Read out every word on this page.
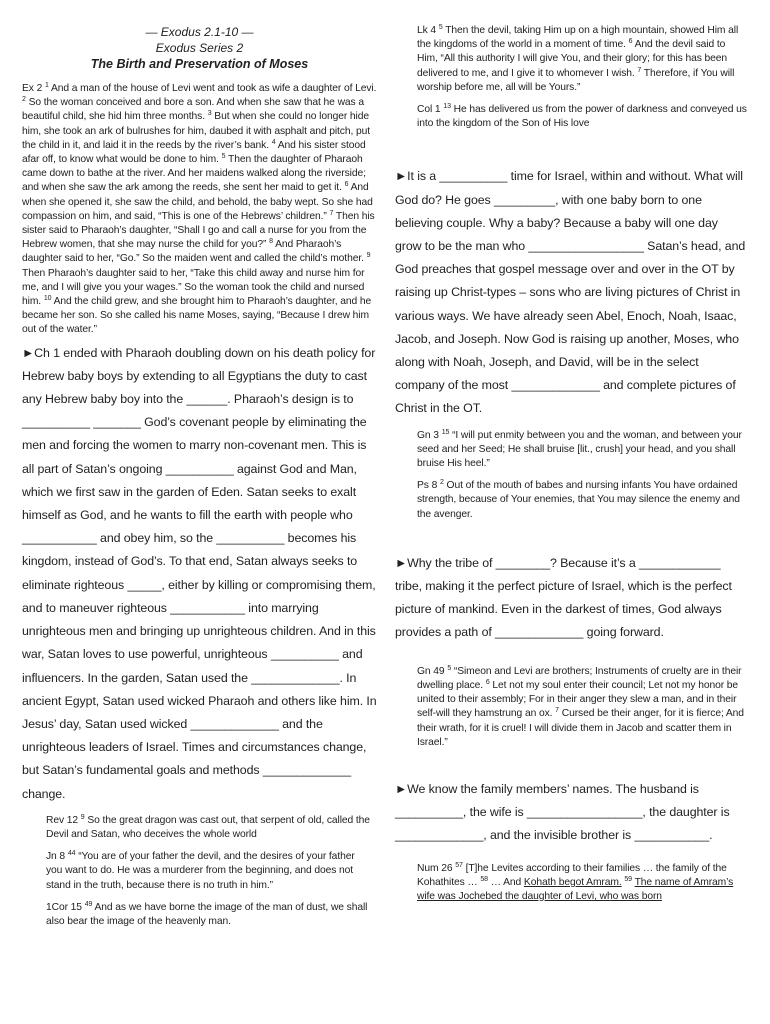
— Exodus 2.1-10 —
Exodus Series 2
The Birth and Preservation of Moses
Ex 2 $^1$ And a man of the house of Levi went and took as wife a daughter of Levi. $^2$ So the woman conceived and bore a son. And when she saw that he was a beautiful child, she hid him three months. $^3$ But when she could no longer hide him, she took an ark of bulrushes for him, daubed it with asphalt and pitch, put the child in it, and laid it in the reeds by the river’s bank. $^4$ And his sister stood afar off, to know what would be done to him. $^5$ Then the daughter of Pharaoh came down to bathe at the river. And her maidens walked along the riverside; and when she saw the ark among the reeds, she sent her maid to get it. $^6$ And when she opened it, she saw the child, and behold, the baby wept. So she had compassion on him, and said, “This is one of the Hebrews’ children.” $^7$ Then his sister said to Pharaoh’s daughter, “Shall I go and call a nurse for you from the Hebrew women, that she may nurse the child for you?” $^8$ And Pharaoh’s daughter said to her, “Go.” So the maiden went and called the child’s mother. $^9$ Then Pharaoh’s daughter said to her, “Take this child away and nurse him for me, and I will give you your wages.” So the woman took the child and nursed him. $^{10}$ And the child grew, and she brought him to Pharaoh’s daughter, and he became her son. So she called his name Moses, saying, “Because I drew him out of the water.”
►Ch 1 ended with Pharaoh doubling down on his death policy for Hebrew baby boys by extending to all Egyptians the duty to cast any Hebrew baby boy into the ______. Pharaoh’s design is to __________ _______ God’s covenant people by eliminating the men and forcing the women to marry non-covenant men. This is all part of Satan’s ongoing __________ against God and Man, which we first saw in the garden of Eden. Satan seeks to exalt himself as God, and he wants to fill the earth with people who ___________ and obey him, so the __________ becomes his kingdom, instead of God’s. To that end, Satan always seeks to eliminate righteous _____, either by killing or compromising them, and to maneuver righteous ___________ into marrying unrighteous men and bringing up unrighteous children. And in this war, Satan loves to use powerful, unrighteous __________ and influencers. In the garden, Satan used the _____________. In ancient Egypt, Satan used wicked Pharaoh and others like him. In Jesus’ day, Satan used wicked _____________ and the unrighteous leaders of Israel. Times and circumstances change, but Satan’s fundamental goals and methods _____________ change.
Rev 12 $^9$ So the great dragon was cast out, that serpent of old, called the Devil and Satan, who deceives the whole world
Jn 8 $^{44}$ “You are of your father the devil, and the desires of your father you want to do. He was a murderer from the beginning, and does not stand in the truth, because there is no truth in him.”
1Cor 15 $^{49}$ And as we have borne the image of the man of dust, we shall also bear the image of the heavenly man.
Lk 4 $^5$ Then the devil, taking Him up on a high mountain, showed Him all the kingdoms of the world in a moment of time. $^6$ And the devil said to Him, “All this authority I will give You, and their glory; for this has been delivered to me, and I give it to whomever I wish. $^7$ Therefore, if You will worship before me, all will be Yours.”
Col 1 $^{13}$ He has delivered us from the power of darkness and conveyed us into the kingdom of the Son of His love
►It is a __________ time for Israel, within and without. What will God do? He goes _________, with one baby born to one believing couple. Why a baby? Because a baby will one day grow to be the man who _________________ Satan’s head, and God preaches that gospel message over and over in the OT by raising up Christ-types – sons who are living pictures of Christ in various ways. We have already seen Abel, Enoch, Noah, Isaac, Jacob, and Joseph. Now God is raising up another, Moses, who along with Noah, Joseph, and David, will be in the select company of the most _____________ and complete pictures of Christ in the OT.
Gn 3 $^{15}$ “I will put enmity between you and the woman, and between your seed and her Seed; He shall bruise [lit., crush] your head, and you shall bruise His heel.”
Ps 8 $^2$ Out of the mouth of babes and nursing infants You have ordained strength, because of Your enemies, that You may silence the enemy and the avenger.
►Why the tribe of ________? Because it’s a ____________ tribe, making it the perfect picture of Israel, which is the perfect picture of mankind. Even in the darkest of times, God always provides a path of _____________ going forward.
Gn 49 $^5$ “Simeon and Levi are brothers; Instruments of cruelty are in their dwelling place. $^6$ Let not my soul enter their council; Let not my honor be united to their assembly; For in their anger they slew a man, and in their self-will they hamstrung an ox. $^7$ Cursed be their anger, for it is fierce; And their wrath, for it is cruel! I will divide them in Jacob and scatter them in Israel.”
►We know the family members’ names. The husband is __________, the wife is _________________, the daughter is _____________, and the invisible brother is ___________.
Num 26 $^{57}$ [T]he Levites according to their families … the family of the Kohathites … $^{58}$ … And Kohath begot Amram. $^{59}$ The name of Amram’s wife was Jochebed the daughter of Levi, who was born
